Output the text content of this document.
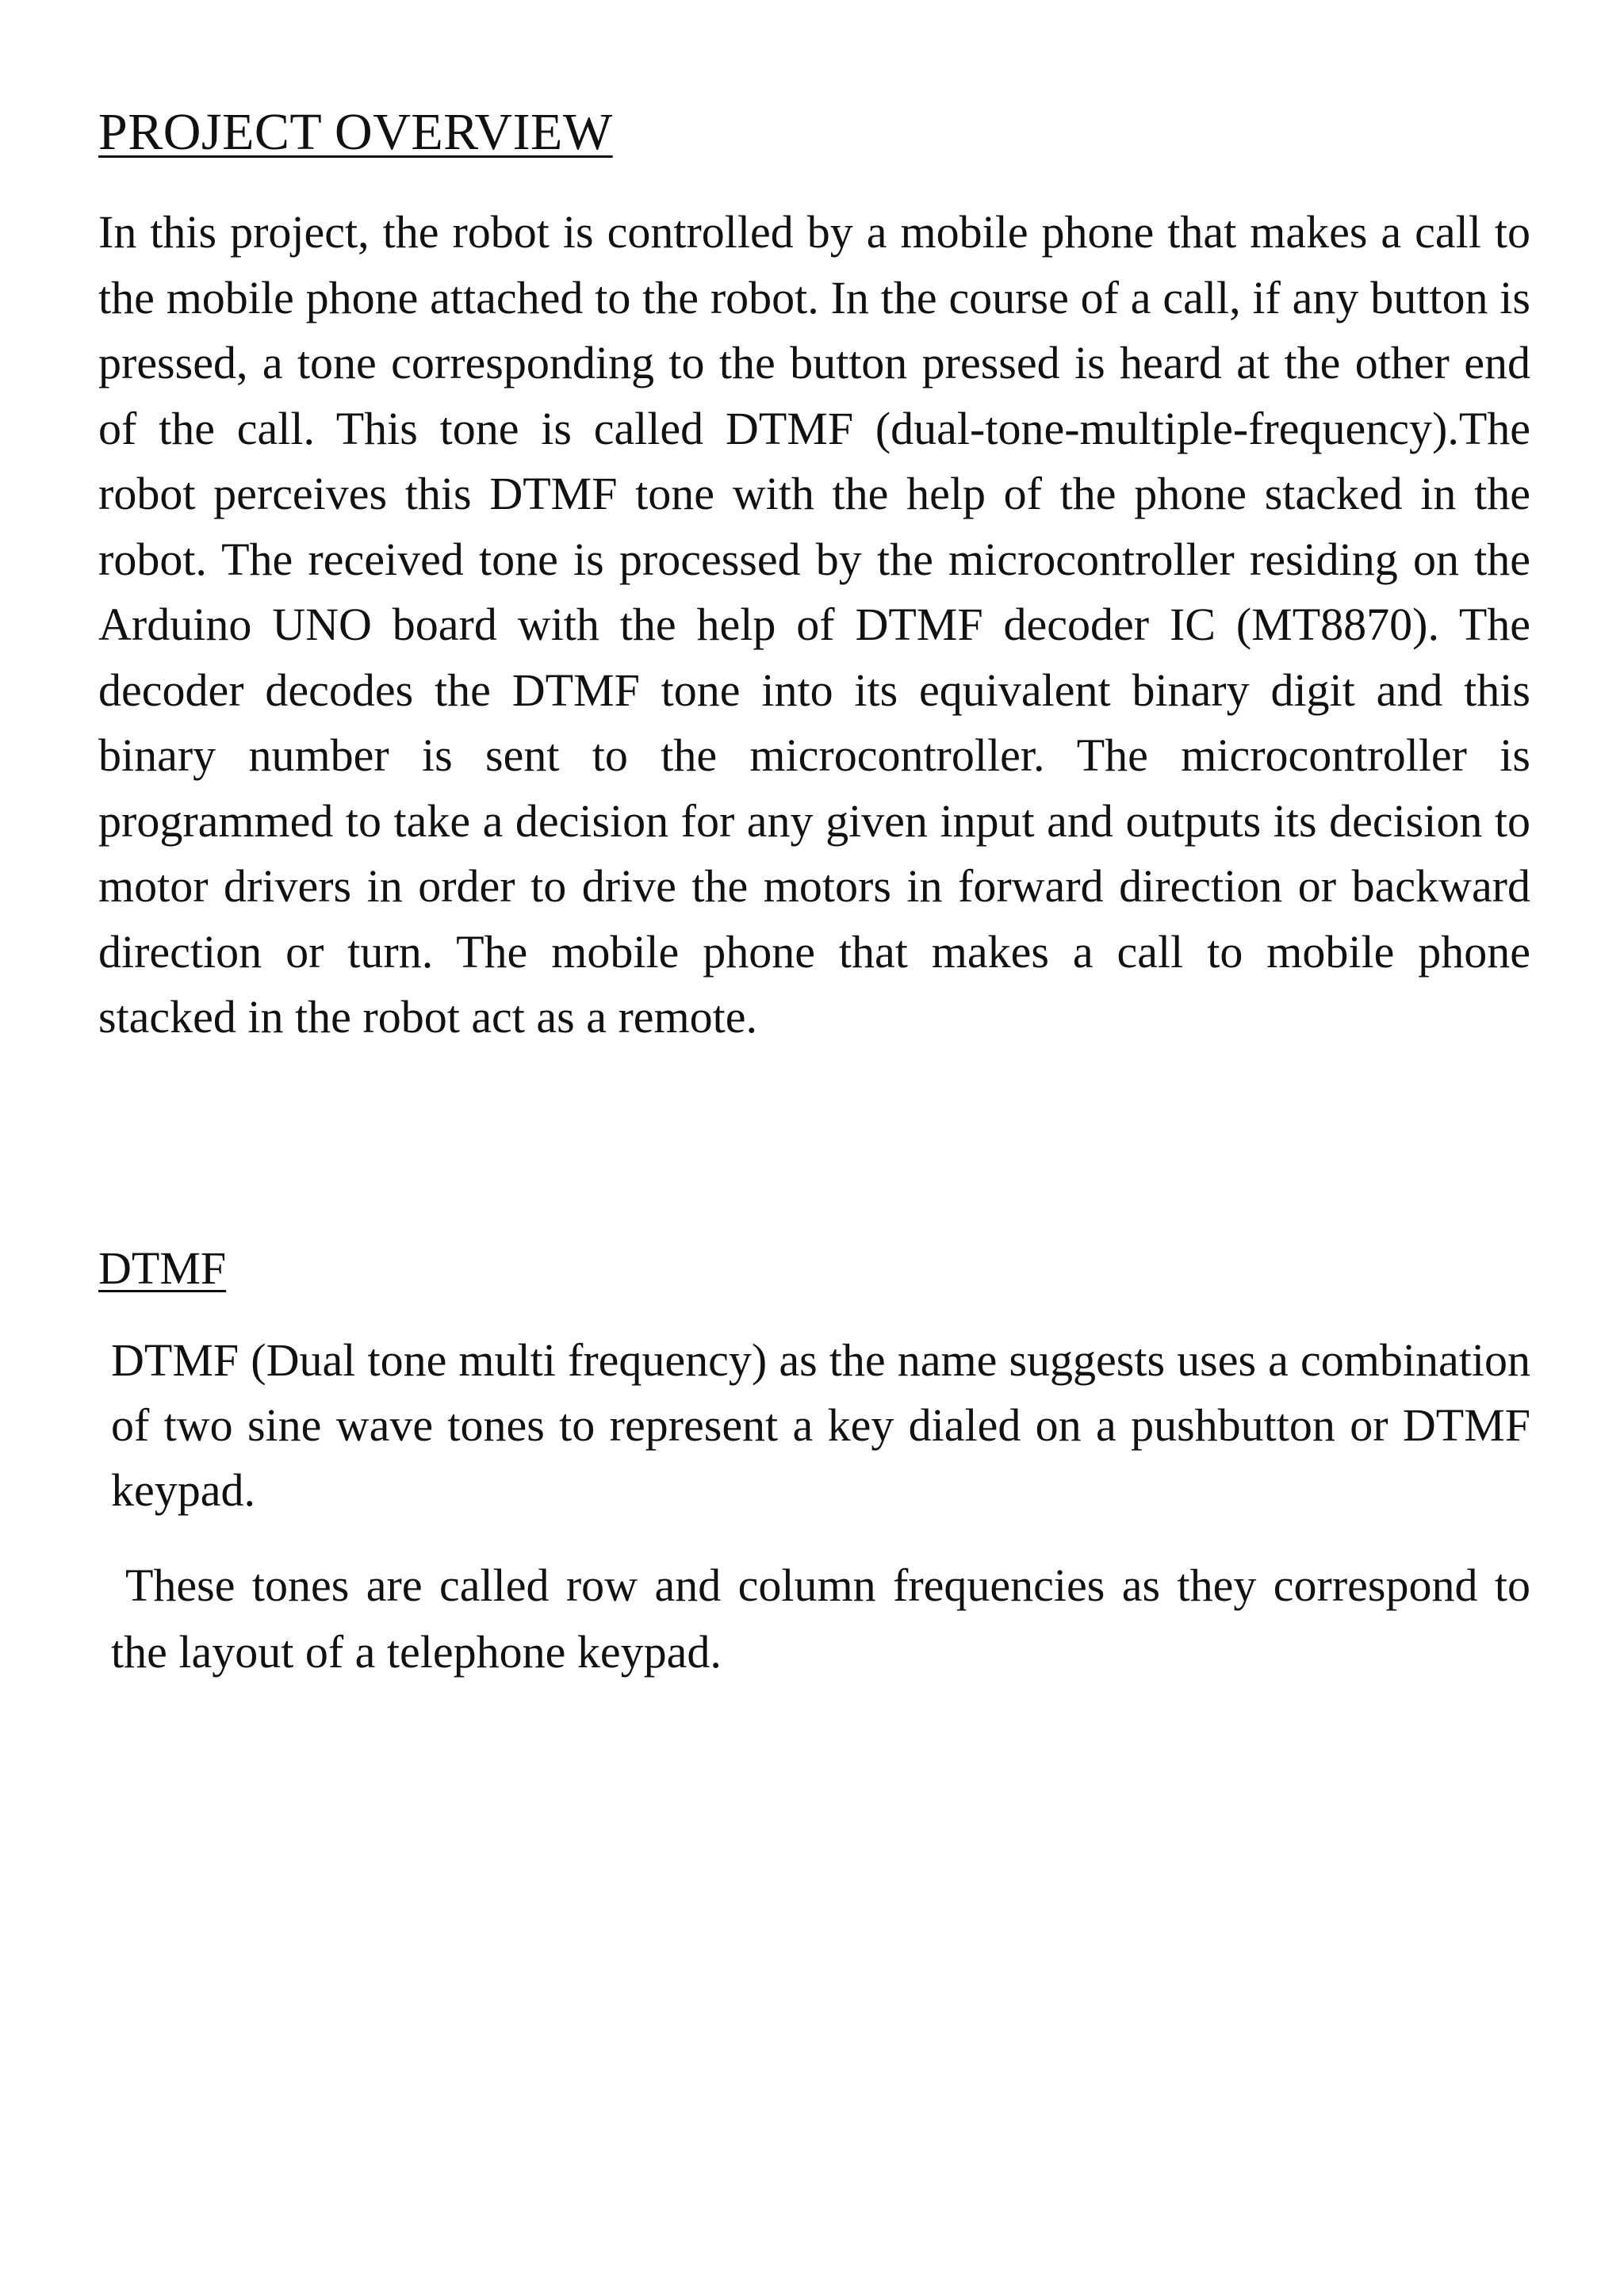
PROJECT OVERVIEW

In this project, the robot is controlled by a mobile phone that makes a call to the mobile phone attached to the robot. In the course of a call, if any button is pressed, a tone corresponding to the button pressed is heard at the other end of the call. This tone is called DTMF (dual-tone-multiple-frequency).The robot perceives this DTMF tone with the help of the phone stacked in the robot. The received tone is processed by the microcontroller residing on the Arduino UNO board with the help of DTMF decoder IC (MT8870). The decoder decodes the DTMF tone into its equivalent binary digit and this binary number is sent to the microcontroller. The microcontroller is programmed to take a decision for any given input and outputs its decision to motor drivers in order to drive the motors in forward direction or backward direction or turn. The mobile phone that makes a call to mobile phone stacked in the robot act as a remote.

DTMF

DTMF (Dual tone multi frequency) as the name suggests uses a combination of two sine wave tones to represent a key dialed on a pushbutton or DTMF keypad.

These tones are called row and column frequencies as they correspond to the layout of a telephone keypad.
